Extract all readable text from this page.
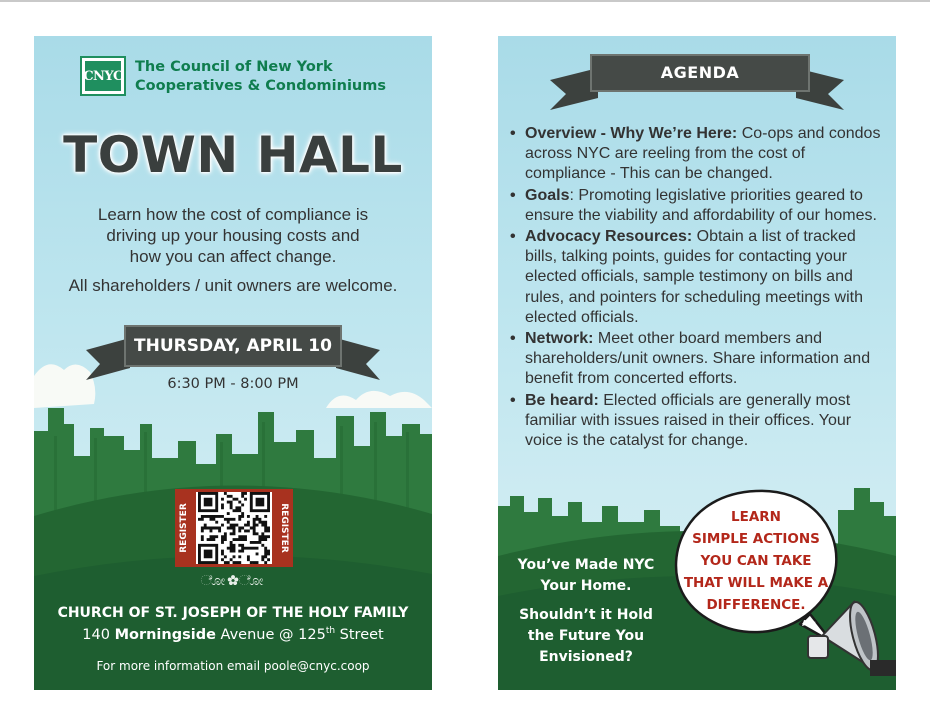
CNYC
The Council of New York
Cooperatives & Condominiums
TOWN HALL
Learn how the cost of compliance is
driving up your housing costs and
how you can affect change.
All shareholders / unit owners are welcome.
THURSDAY, APRIL 10
6:30 PM - 8:00 PM
REGISTER	REGISTER
ೋ✿ೋ
CHURCH OF ST. JOSEPH OF THE HOLY FAMILY
140 Morningside Avenue @ 125th Street
For more information email poole@cnyc.coop
AGENDA
• Overview - Why We’re Here: Co-ops and condos across NYC are reeling from the cost of compliance - This can be changed.
• Goals: Promoting legislative priorities geared to ensure the viability and affordability of our homes.
• Advocacy Resources: Obtain a list of tracked bills, talking points, guides for contacting your elected officials, sample testimony on bills and rules, and pointers for scheduling meetings with elected officials.
• Network: Meet other board members and shareholders/unit owners. Share information and benefit from concerted efforts.
• Be heard: Elected officials are generally most familiar with issues raised in their offices. Your voice is the catalyst for change.

You’ve Made NYC Your Home.

Shouldn’t it Hold the Future You Envisioned?

LEARN
SIMPLE ACTIONS
YOU CAN TAKE
THAT WILL MAKE A
DIFFERENCE.
